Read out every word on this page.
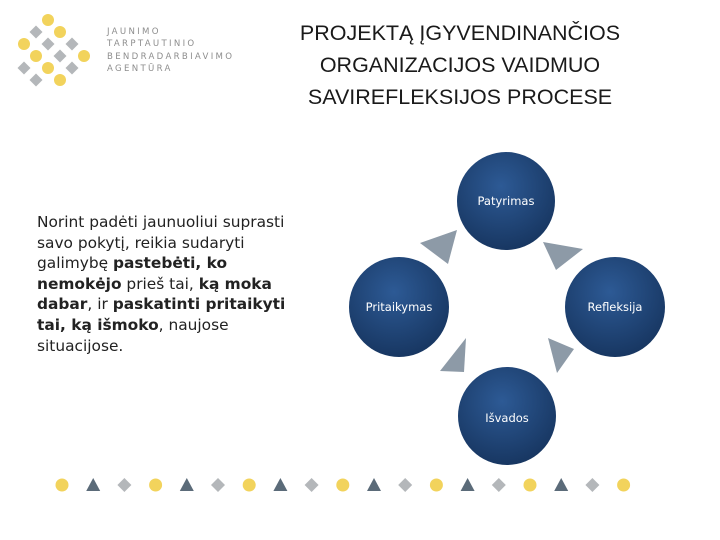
JAUNIMO
TARPTAUTINIO
BENDRADARBIAVIMO
AGENTŪRA
PROJEKTĄ ĮGYVENDINANČIOS
ORGANIZACIJOS VAIDMUO
SAVIREFLEKSIJOS PROCESE
Norint padėti jaunuoliui suprasti savo pokytį, reikia sudaryti galimybę pastebėti, ko nemokėjo prieš tai, ką moka dabar, ir paskatinti pritaikyti tai, ką išmoko, naujose situacijose.
Patyrimas
Refleksija
Išvados
Pritaikymas
